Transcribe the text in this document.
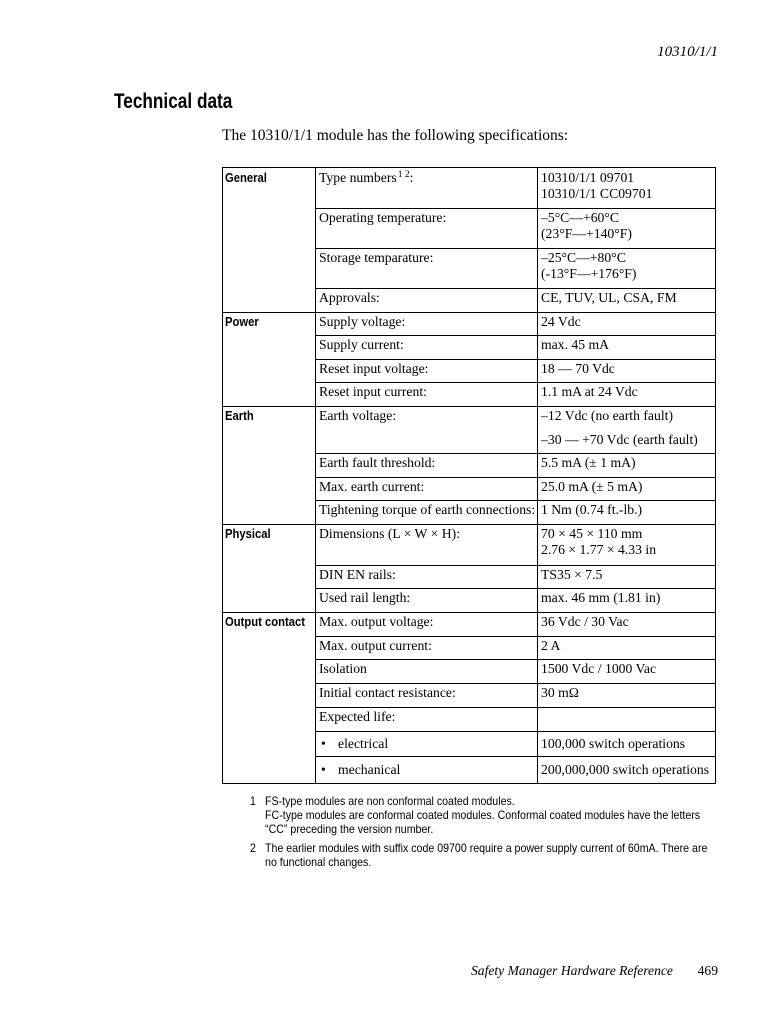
10310/1/1
Technical data

The 10310/1/1 module has the following specifications:

General	Type numbers$^{1 2}$:	10310/1/1 09701
10310/1/1 CC09701
Operating temperature:	–5°C—+60°C
(23°F—+140°F)
Storage temparature:	–25°C—+80°C
(-13°F—+176°F)
Approvals:	CE, TUV, UL, CSA, FM
Power	Supply voltage:	24 Vdc
Supply current:	max. 45 mA
Reset input voltage:	18 — 70 Vdc
Reset input current:	1.1 mA at 24 Vdc
Earth	Earth voltage:	–12 Vdc (no earth fault)
–30 — +70 Vdc (earth fault)
Earth fault threshold:	5.5 mA (± 1 mA)
Max. earth current:	25.0 mA (± 5 mA)
Tightening torque of earth connections: 1 Nm (0.74 ft.-lb.)
Physical	Dimensions (L × W × H):	70 × 45 × 110 mm
2.76 × 1.77 × 4.33 in
DIN EN rails:	TS35 × 7.5
Used rail length:	max. 46 mm (1.81 in)
Output contact	Max. output voltage:	36 Vdc / 30 Vac
Max. output current:	2 A
Isolation	1500 Vdc / 1000 Vac
Initial contact resistance:	30 mΩ
Expected life:
• electrical	100,000 switch operations
• mechanical	200,000,000 switch operations
1 FS-type modules are non conformal coated modules.
FC-type modules are conformal coated modules. Conformal coated modules have the letters “CC” preceding the version number.
2 The earlier modules with suffix code 09700 require a power supply current of 60mA. There are no functional changes.
Safety Manager Hardware Reference 469
